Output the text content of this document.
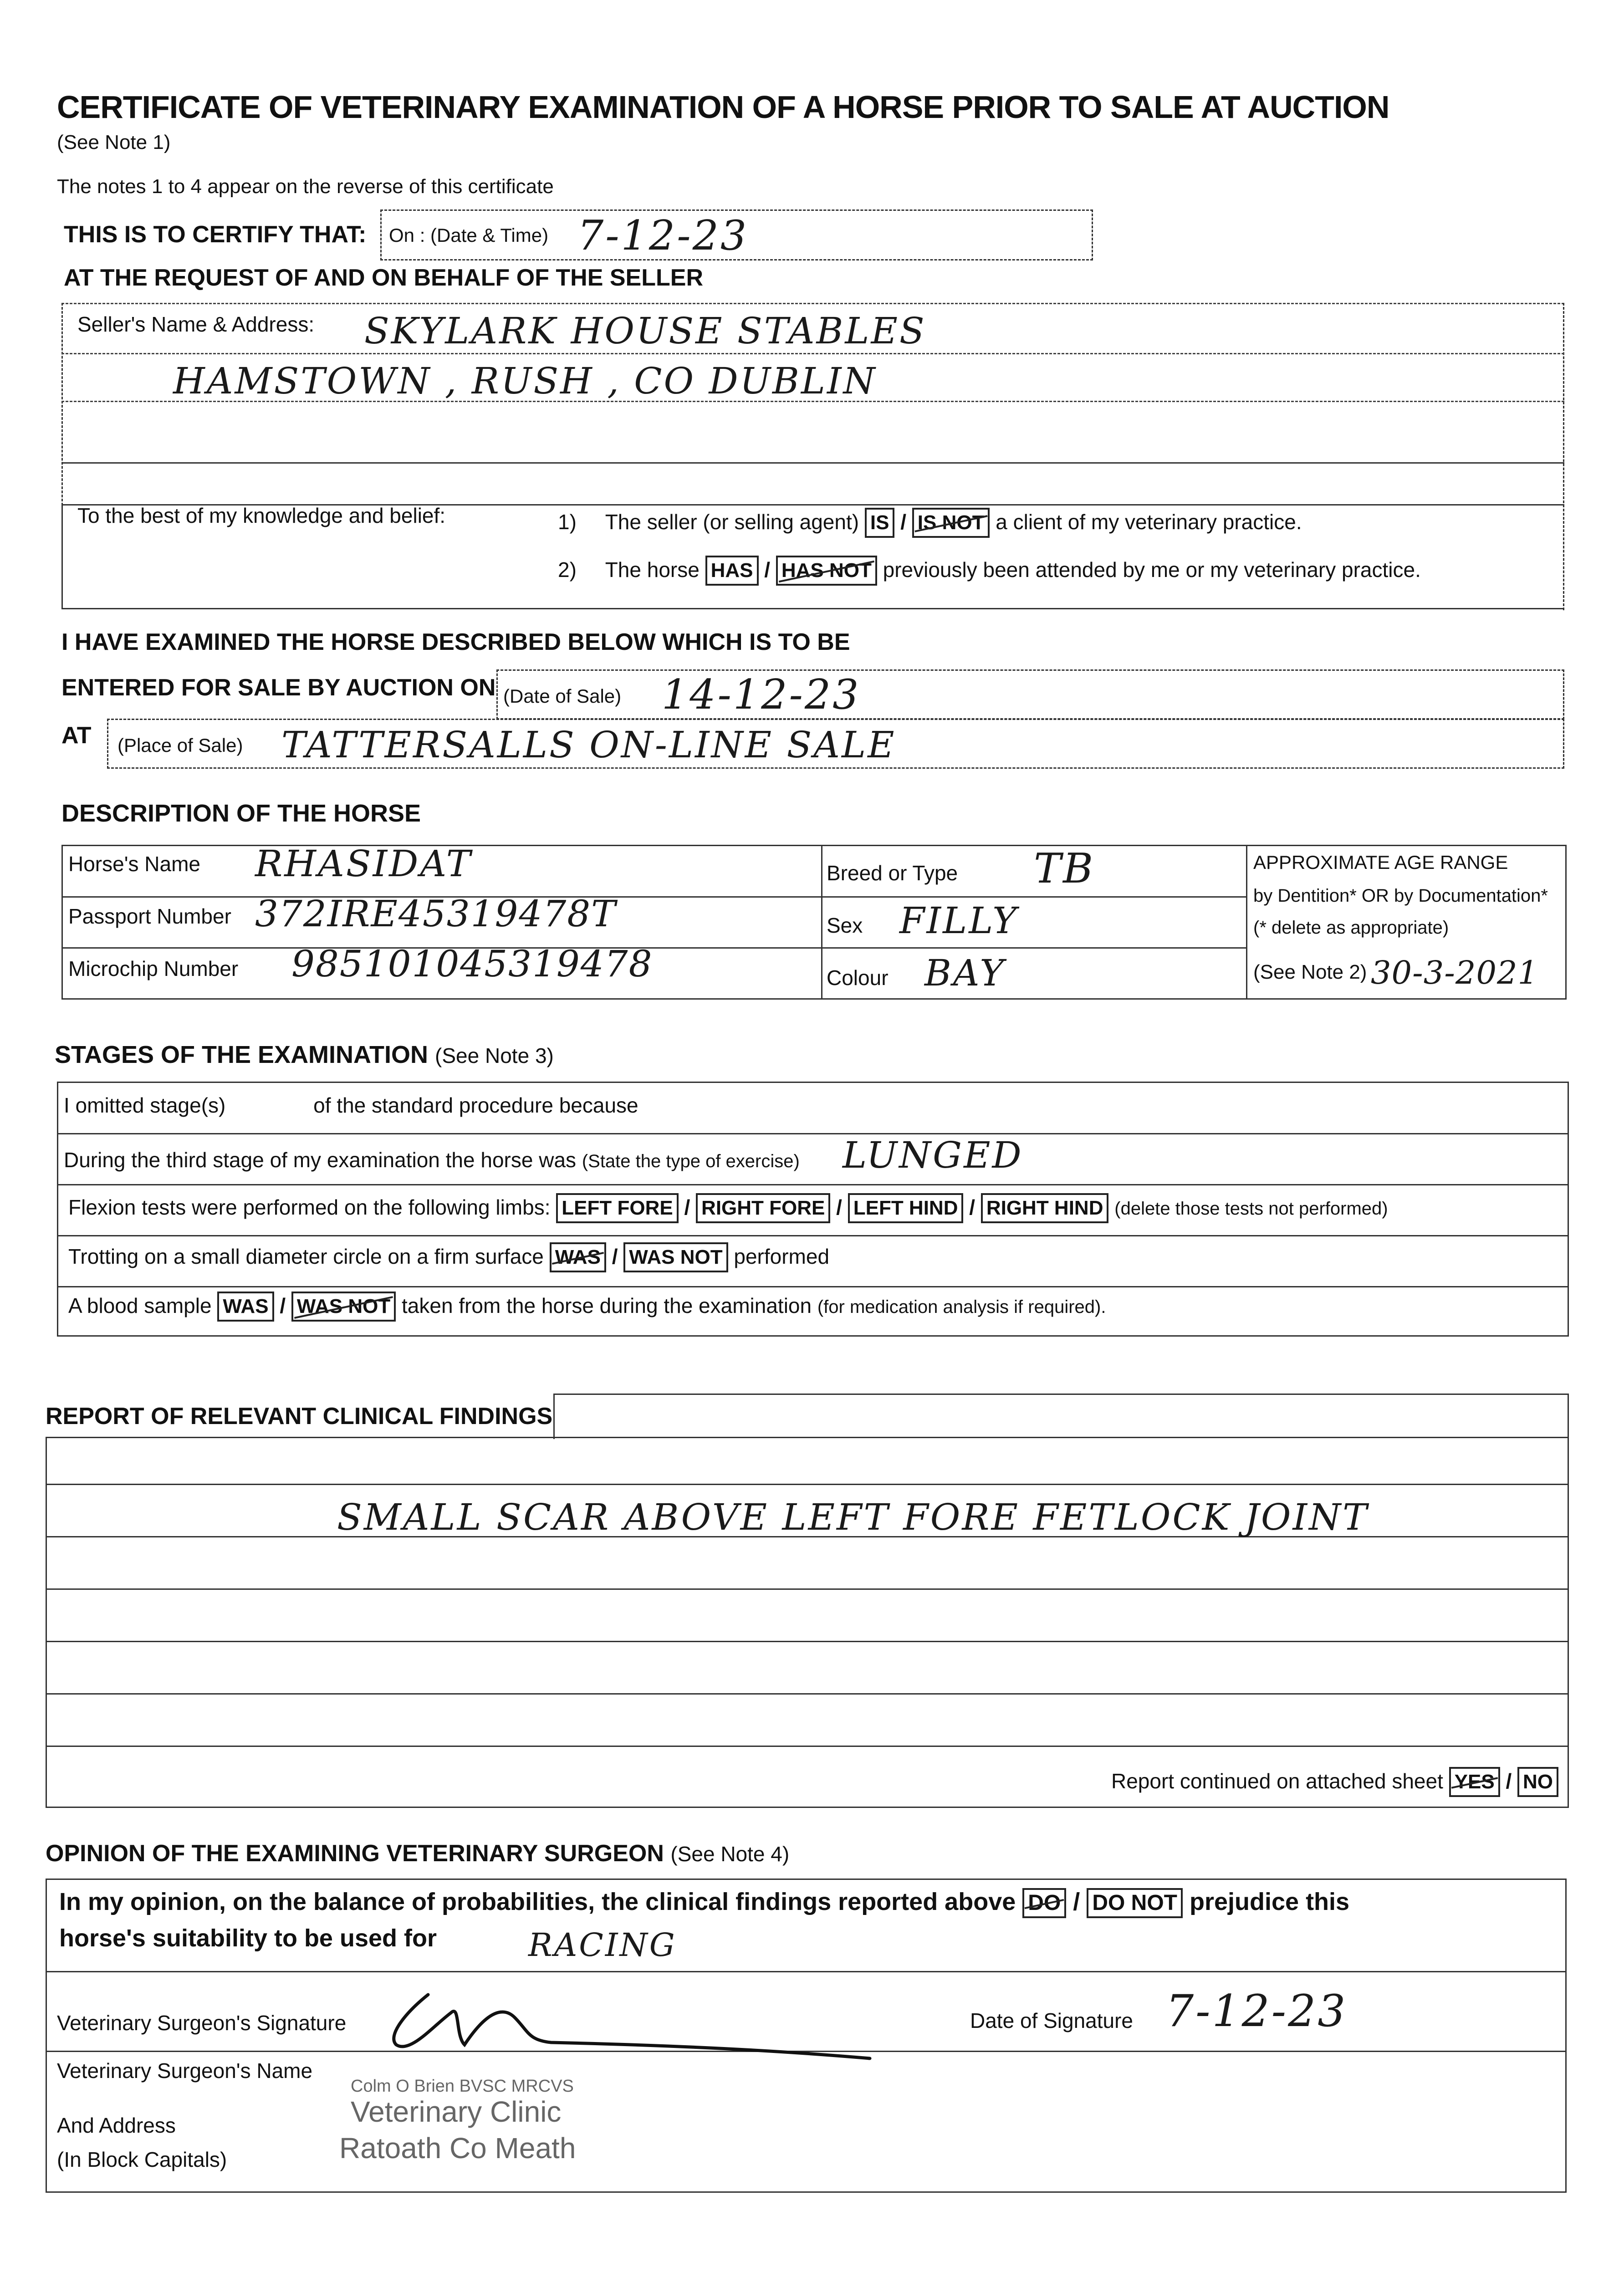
CERTIFICATE OF VETERINARY EXAMINATION OF A HORSE PRIOR TO SALE AT AUCTION
(See Note 1)
The notes 1 to 4 appear on the reverse of this certificate
THIS IS TO CERTIFY THAT: On : (Date & Time) 7-12-23
AT THE REQUEST OF AND ON BEHALF OF THE SELLER
Seller's Name & Address: SKYLARK HOUSE STABLES
HAMSTOWN , RUSH , CO DUBLIN
To the best of my knowledge and belief:	1) The seller (or selling agent) IS / IS NOT a client of my veterinary practice.
2) The horse HAS / HAS NOT previously been attended by me or my veterinary practice.
I HAVE EXAMINED THE HORSE DESCRIBED BELOW WHICH IS TO BE
ENTERED FOR SALE BY AUCTION ON (Date of Sale) 14-12-23
AT (Place of Sale) TATTERSALLS ON-LINE SALE
DESCRIPTION OF THE HORSE
Horse's Name RHASIDAT
Passport Number 372IRE45319478T
Microchip Number 985101045319478
Breed or Type TB
Sex FILLY
Colour BAY
APPROXIMATE AGE RANGE
by Dentition* OR by Documentation*
(* delete as appropriate)
(See Note 2) 30-3-2021
STAGES OF THE EXAMINATION (See Note 3)
I omitted stage(s)	of the standard procedure because
During the third stage of my examination the horse was (State the type of exercise) LUNGED
Flexion tests were performed on the following limbs: LEFT FORE / RIGHT FORE / LEFT HIND / RIGHT HIND (delete those tests not performed)
Trotting on a small diameter circle on a firm surface WAS / WAS NOT performed
A blood sample WAS / WAS NOT taken from the horse during the examination (for medication analysis if required).
REPORT OF RELEVANT CLINICAL FINDINGS
SMALL SCAR ABOVE LEFT FORE FETLOCK JOINT
Report continued on attached sheet YES / NO
OPINION OF THE EXAMINING VETERINARY SURGEON (See Note 4)
In my opinion, on the balance of probabilities, the clinical findings reported above DO / DO NOT prejudice this
horse's suitability to be used for	RACING
Veterinary Surgeon's Signature	Date of Signature 7-12-23
Veterinary Surgeon's Name
And Address
(In Block Capitals)
Colm O Brien BVSC MRCVS
Veterinary Clinic
Ratoath Co Meath
